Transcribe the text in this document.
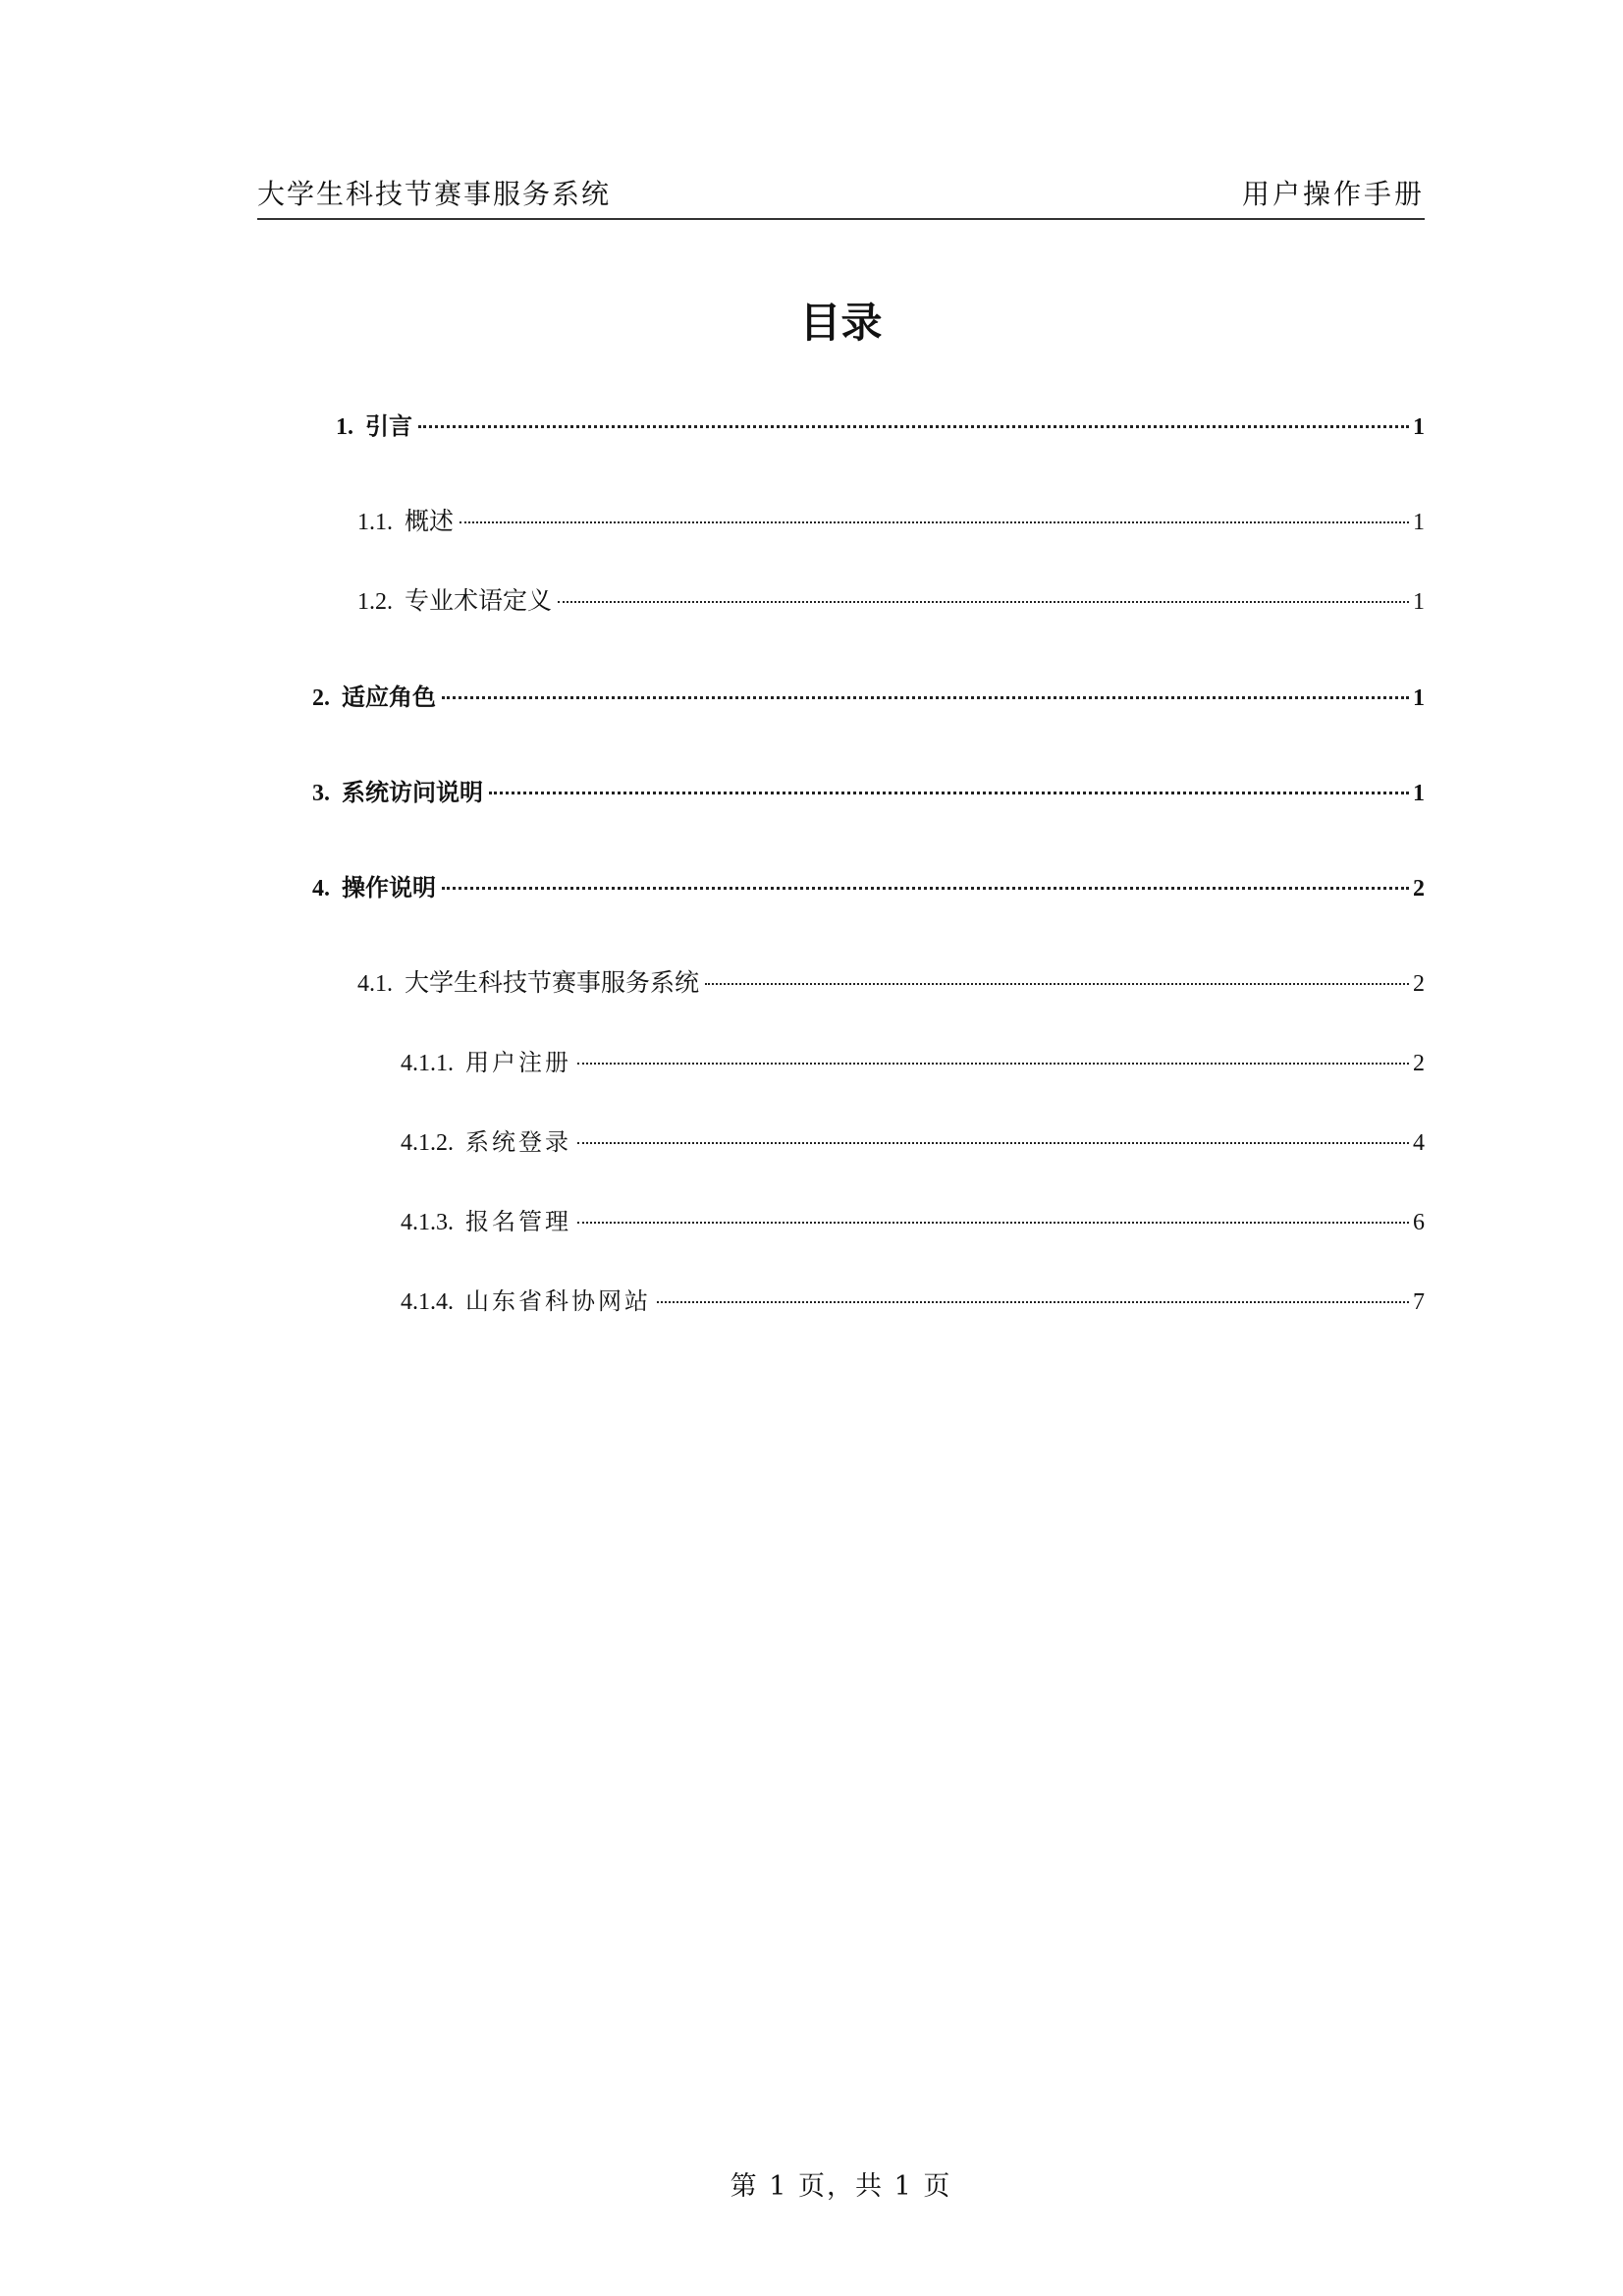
大学生科技节赛事服务系统	用户操作手册
目录
1. 引言	1
1.1. 概述	1
1.2. 专业术语定义	1
2. 适应角色	1
3. 系统访问说明	1
4. 操作说明	2
4.1. 大学生科技节赛事服务系统	2
4.1.1. 用户注册	2
4.1.2. 系统登录	4
4.1.3. 报名管理	6
4.1.4. 山东省科协网站	7
第 1 页，共 1 页
